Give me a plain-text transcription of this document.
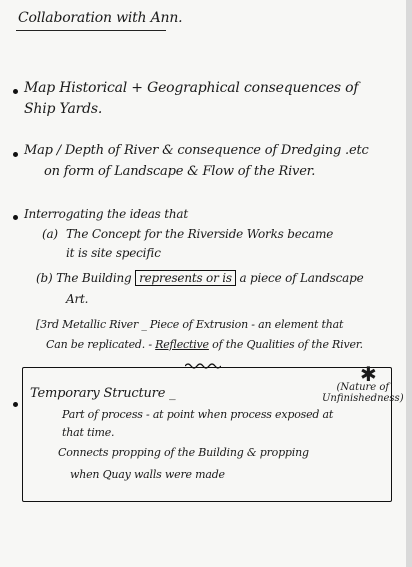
Collaboration with Ann.
Map Historical + Geographical consequences of
Ship Yards.
Map / Depth of River & consequence of Dredging .etc
on form of Landscape & Flow of the River.
Interrogating the ideas that
(a) The Concept for the Riverside Works became
it is site specific
(b) The Building represents or is a piece of Landscape
Art.
[3rd Metallic River _ Piece of Extrusion - an element that
Can be replicated. - Reflective of the Qualities of the River.
Temporary Structure _
✱
(Nature of
Unfinishedness)
Part of process - at point when process exposed at
that time.
Connects propping of the Building & propping
when Quay walls were made
